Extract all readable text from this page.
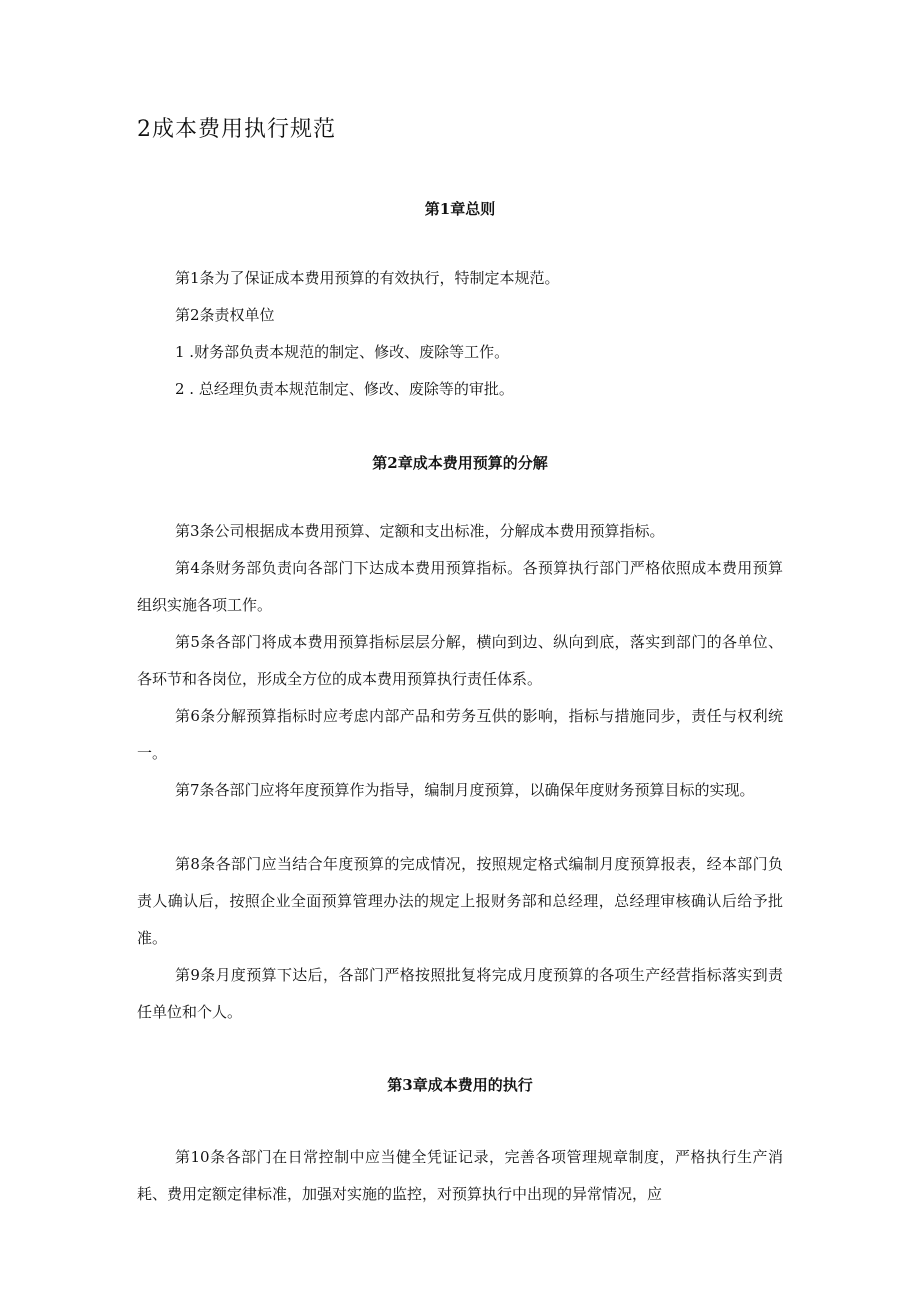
2成本费用执行规范
第1章总则

第1条为了保证成本费用预算的有效执行，特制定本规范。

第2条责权单位

1 .财务部负责本规范的制定、修改、废除等工作。

2 . 总经理负责本规范制定、修改、废除等的审批。

第2章成本费用预算的分解

第3条公司根据成本费用预算、定额和支出标准，分解成本费用预算指标。

第4条财务部负责向各部门下达成本费用预算指标。各预算执行部门严格依照成本费用预算组织实施各项工作。

第5条各部门将成本费用预算指标层层分解，横向到边、纵向到底，落实到部门的各单位、各环节和各岗位，形成全方位的成本费用预算执行责任体系。

第6条分解预算指标时应考虑内部产品和劳务互供的影响，指标与措施同步，责任与权利统一。

第7条各部门应将年度预算作为指导，编制月度预算，以确保年度财务预算目标的实现。

第8条各部门应当结合年度预算的完成情况，按照规定格式编制月度预算报表，经本部门负责人确认后，按照企业全面预算管理办法的规定上报财务部和总经理，总经理审核确认后给予批准。

第9条月度预算下达后，各部门严格按照批复将完成月度预算的各项生产经营指标落实到责任单位和个人。

第3章成本费用的执行

第10条各部门在日常控制中应当健全凭证记录，完善各项管理规章制度，严格执行生产消耗、费用定额定律标准，加强对实施的监控，对预算执行中出现的异常情况，应
